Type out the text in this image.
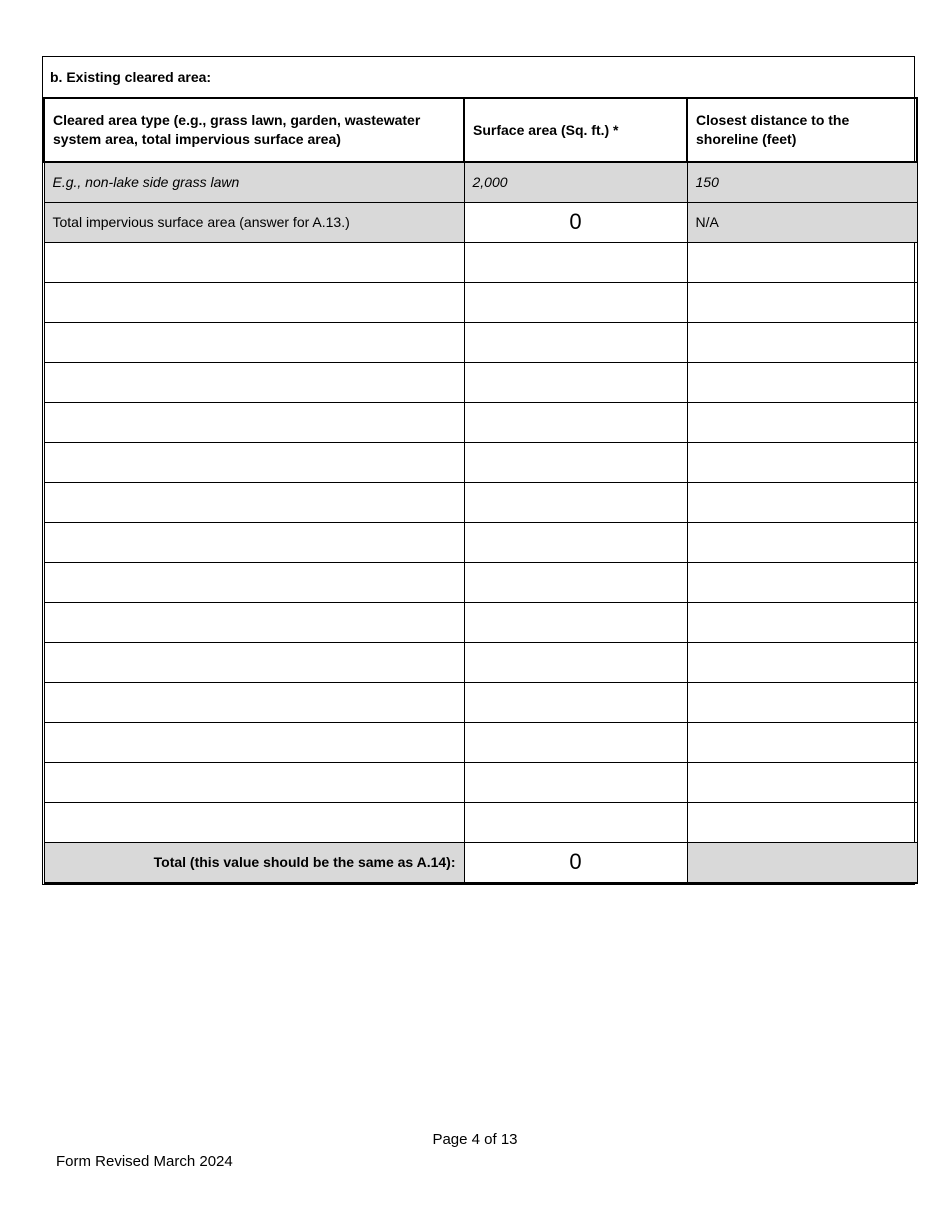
b. Existing cleared area:
Cleared area type (e.g., grass lawn, garden, wastewater system area, total impervious surface area)	Surface area (Sq. ft.) *	Closest distance to the shoreline (feet)
E.g., non-lake side grass lawn	2,000	150
Total impervious surface area (answer for A.13.)	0	N/A

Total (this value should be the same as A.14):	0	
Page 4 of 13
Form Revised March 2024
